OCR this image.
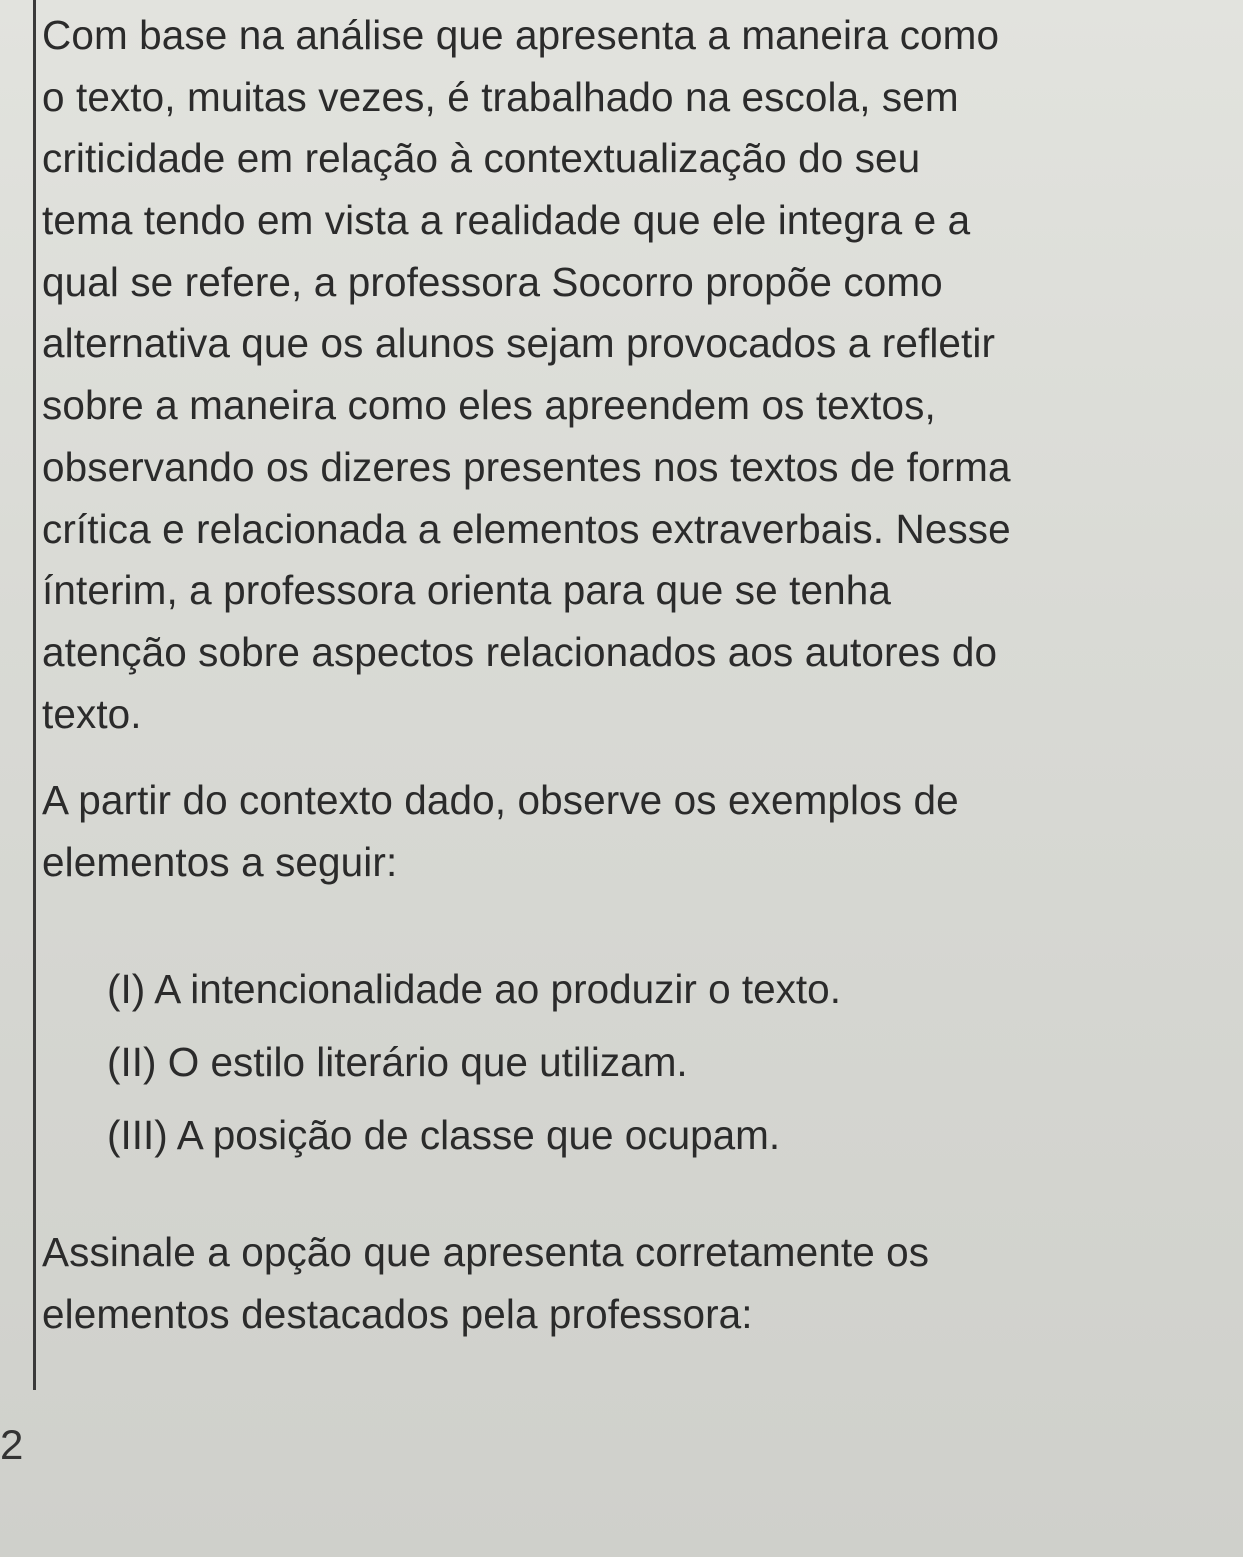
Com base na análise que apresenta a maneira como
o texto, muitas vezes, é trabalhado na escola, sem
criticidade em relação à contextualização do seu
tema tendo em vista a realidade que ele integra e a
qual se refere, a professora Socorro propõe como
alternativa que os alunos sejam provocados a refletir
sobre a maneira como eles apreendem os textos,
observando os dizeres presentes nos textos de forma
crítica e relacionada a elementos extraverbais. Nesse
ínterim, a professora orienta para que se tenha
atenção sobre aspectos relacionados aos autores do
texto.

A partir do contexto dado, observe os exemplos de
elementos a seguir:

(I) A intencionalidade ao produzir o texto.
(II) O estilo literário que utilizam.
(III) A posição de classe que ocupam.

Assinale a opção que apresenta corretamente os
elementos destacados pela professora:

2
